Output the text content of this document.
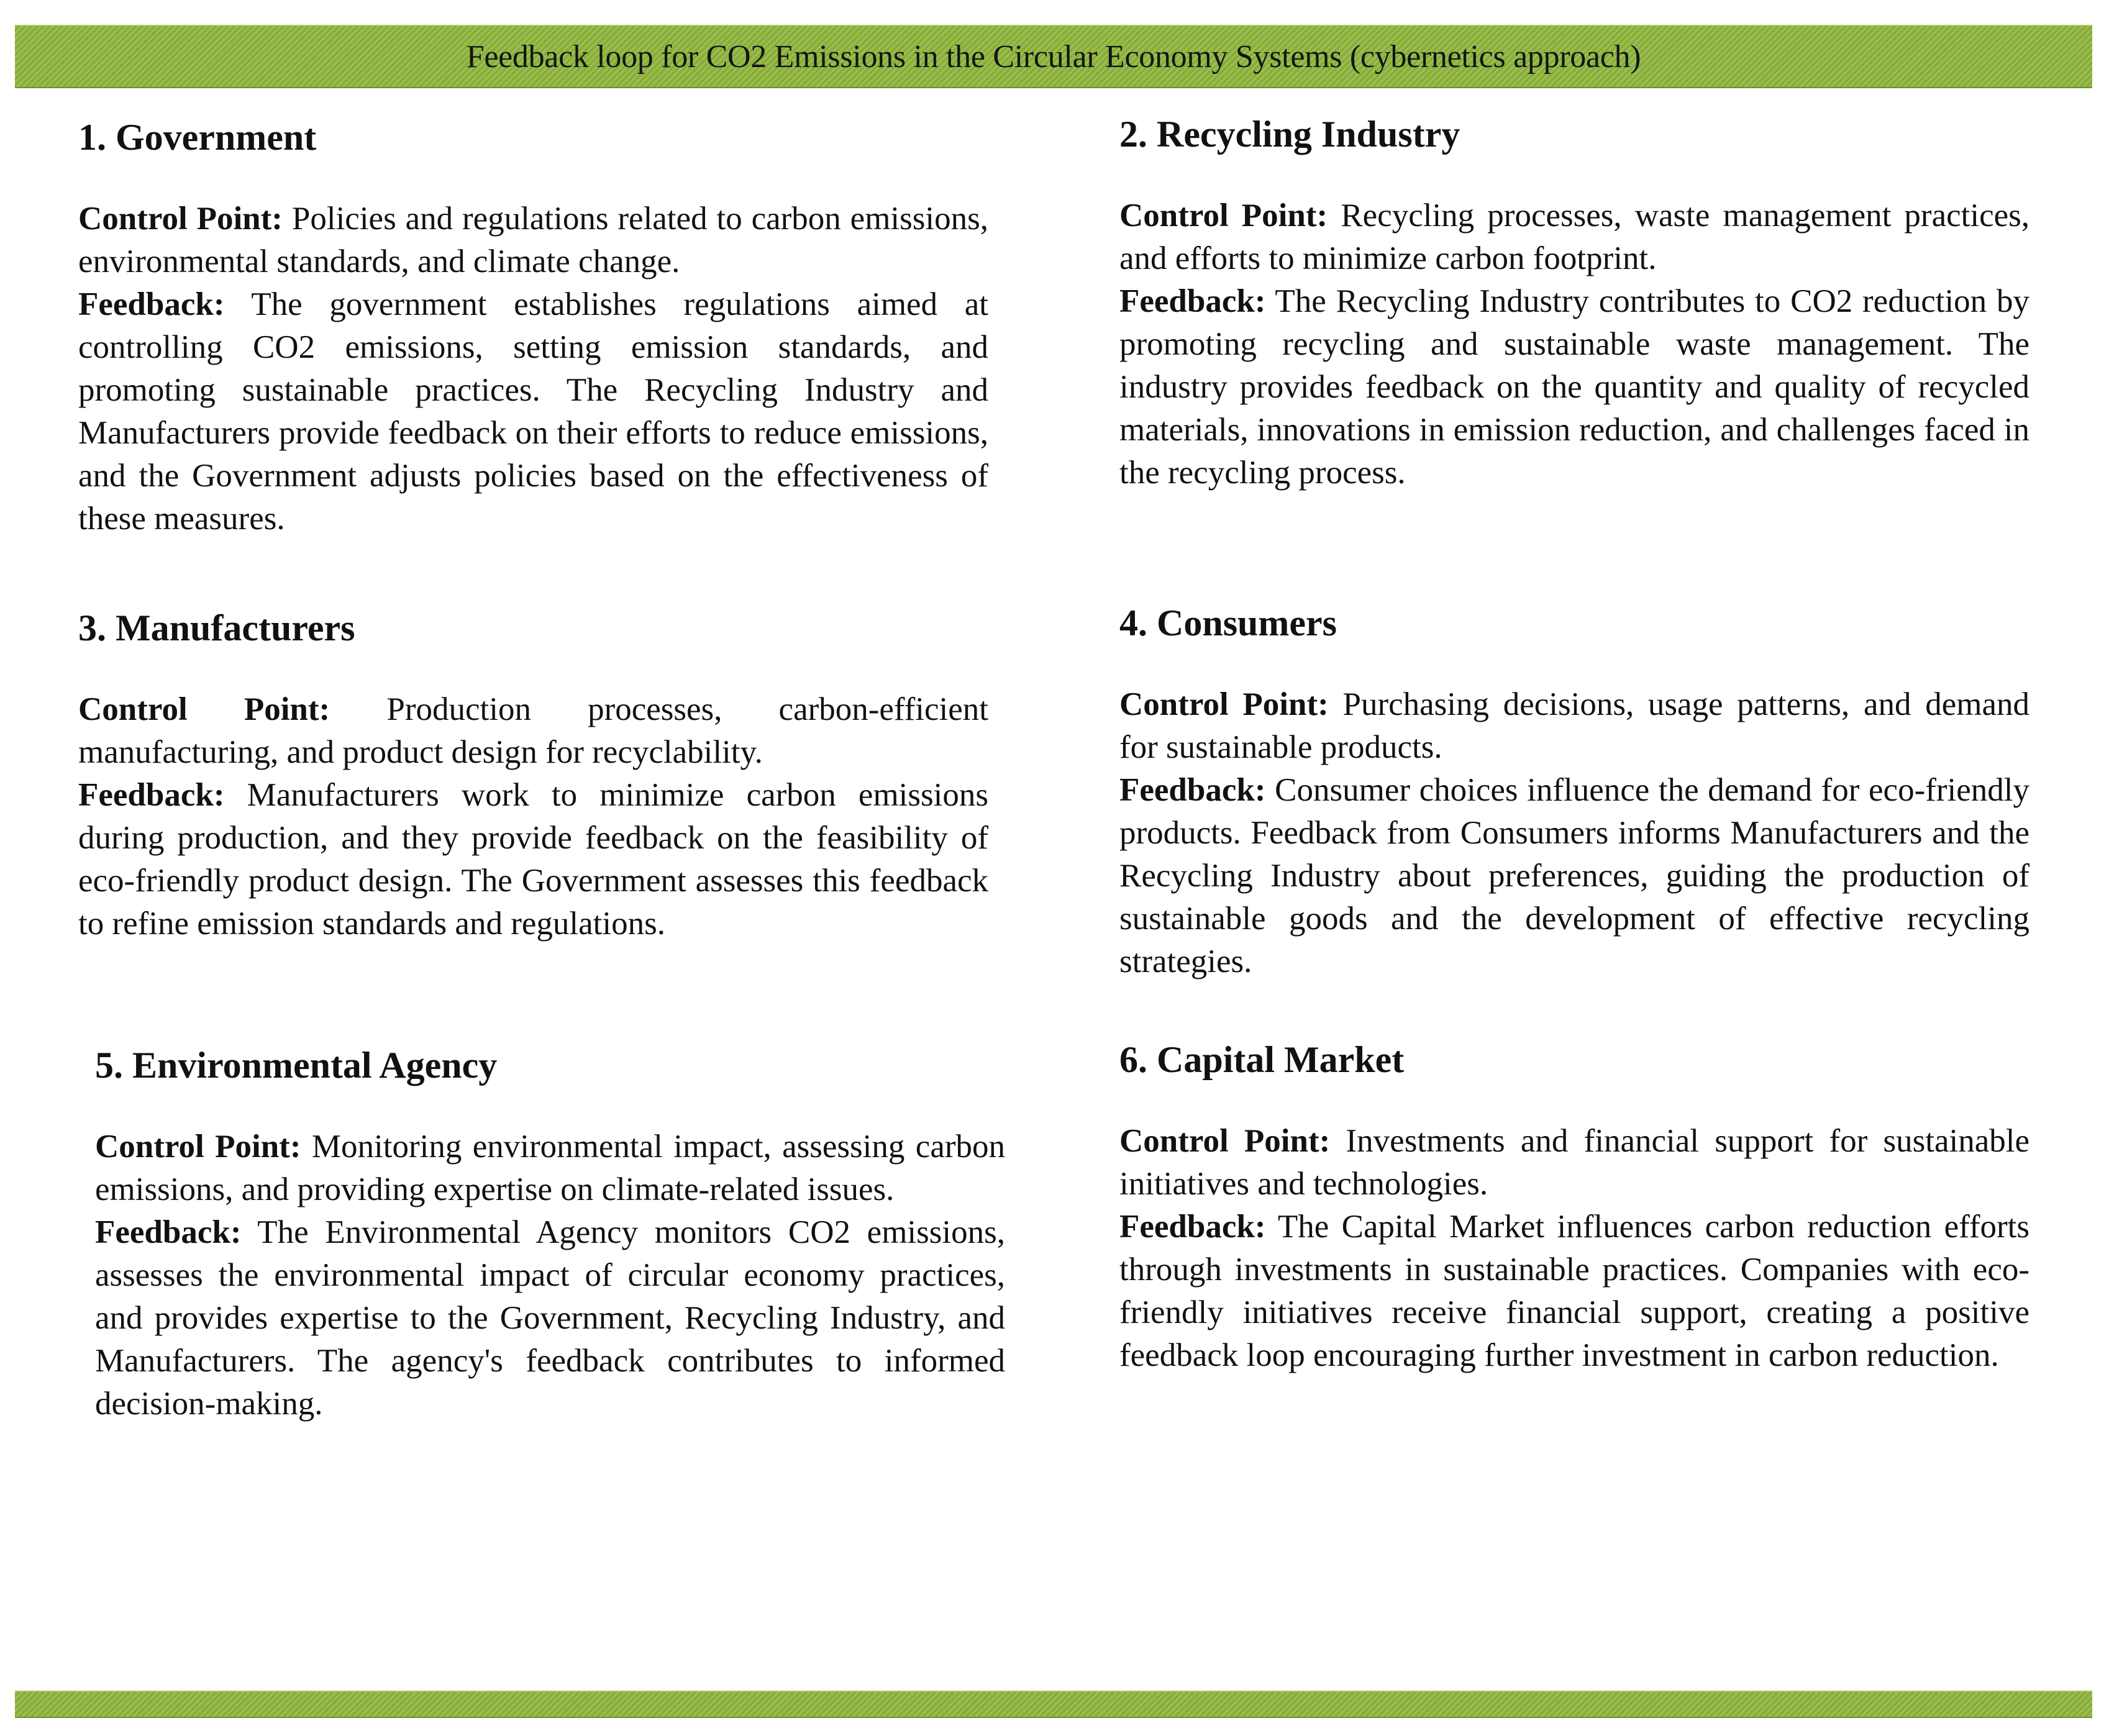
Feedback loop for CO2 Emissions in the Circular Economy Systems (cybernetics approach)
1. Government

Control Point: Policies and regulations related to carbon emissions, environmental standards, and climate change.

Feedback: The government establishes regulations aimed at controlling CO2 emissions, setting emission standards, and promoting sustainable practices. The Recycling Industry and Manufacturers provide feedback on their efforts to reduce emissions, and the Government adjusts policies based on the effectiveness of these measures.

2. Recycling Industry

Control Point: Recycling processes, waste management practices, and efforts to minimize carbon footprint.

Feedback: The Recycling Industry contributes to CO2 reduction by promoting recycling and sustainable waste management. The industry provides feedback on the quantity and quality of recycled materials, innovations in emission reduction, and challenges faced in the recycling process.

3. Manufacturers

Control Point: Production processes, carbon-efficient manufacturing, and product design for recyclability.

Feedback: Manufacturers work to minimize carbon emissions during production, and they provide feedback on the feasibility of eco-friendly product design. The Government assesses this feedback to refine emission standards and regulations.

4. Consumers

Control Point: Purchasing decisions, usage patterns, and demand for sustainable products.

Feedback: Consumer choices influence the demand for eco-friendly products. Feedback from Consumers informs Manufacturers and the Recycling Industry about preferences, guiding the production of sustainable goods and the development of effective recycling strategies.

5. Environmental Agency

Control Point: Monitoring environmental impact, assessing carbon emissions, and providing expertise on climate-related issues.

Feedback: The Environmental Agency monitors CO2 emissions, assesses the environmental impact of circular economy practices, and provides expertise to the Government, Recycling Industry, and Manufacturers. The agency's feedback contributes to informed decision-making.

6. Capital Market

Control Point: Investments and financial support for sustainable initiatives and technologies.

Feedback: The Capital Market influences carbon reduction efforts through investments in sustainable practices. Companies with eco-friendly initiatives receive financial support, creating a positive feedback loop encouraging further investment in carbon reduction.
